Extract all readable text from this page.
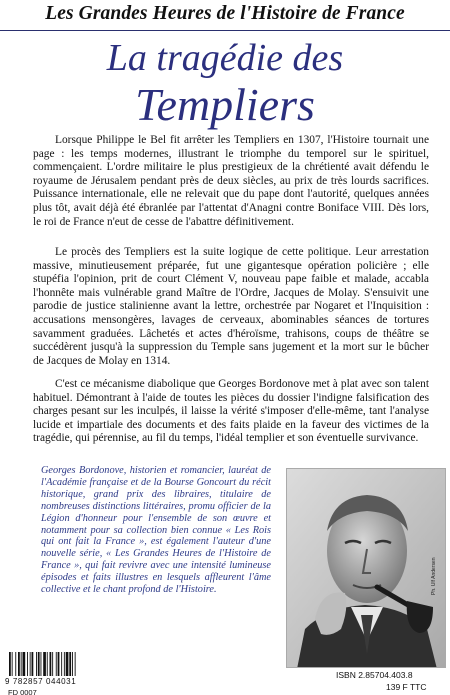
Les Grandes Heures de l'Histoire de France
La tragédie des
Templiers

Lorsque Philippe le Bel fit arrêter les Templiers en 1307, l'Histoire tournait une page : les temps modernes, illustrant le triomphe du temporel sur le spirituel, commençaient. L'ordre militaire le plus prestigieux de la chrétienté avait défendu le royaume de Jérusalem pendant près de deux siècles, au prix de très lourds sacrifices. Puissance internationale, elle ne relevait que du pape dont l'autorité, quelques années plus tôt, avait déjà été ébranlée par l'attentat d'Anagni contre Boniface VIII. Dès lors, le roi de France n'eut de cesse de l'abattre définitivement.

Le procès des Templiers est la suite logique de cette politique. Leur arrestation massive, minutieusement préparée, fut une gigantesque opération policière ; elle stupéfia l'opinion, prit de court Clément V, nouveau pape faible et malade, accabla l'honnête mais vulnérable grand Maître de l'Ordre, Jacques de Molay. S'ensuivit une parodie de justice stalinienne avant la lettre, orchestrée par Nogaret et l'Inquisition : accusations mensongères, lavages de cerveaux, abominables séances de tortures savamment graduées. Lâchetés et actes d'héroïsme, trahisons, coups de théâtre se succédèrent jusqu'à la suppression du Temple sans jugement et la mort sur le bûcher de Jacques de Molay en 1314.

C'est ce mécanisme diabolique que Georges Bordonove met à plat avec son talent habituel. Démontrant à l'aide de toutes les pièces du dossier l'indigne falsification des charges pesant sur les inculpés, il laisse la vérité s'imposer d'elle-même, tant l'analyse lucide et impartiale des documents et des faits plaide en la faveur des victimes de la tragédie, qui pérennise, au fil du temps, l'idéal templier et son éventuelle survivance.

Georges Bordonove, historien et romancier, lauréat de l'Académie française et de la Bourse Goncourt du récit historique, grand prix des libraires, titulaire de nombreuses distinctions littéraires, promu officier de la Légion d'honneur pour l'ensemble de son œuvre et notamment pour sa collection bien connue « Les Rois qui ont fait la France », est également l'auteur d'une nouvelle série, « Les Grandes Heures de l'Histoire de France », qui fait revivre avec une intensité lumineuse épisodes et faits illustres en lesquels affleurent l'âme collective et le chant profond de l'Histoire.	Ph. Ulf Andersen
9 782857 044031
FD 0007
ISBN 2.85704.403.8
139 F TTC
